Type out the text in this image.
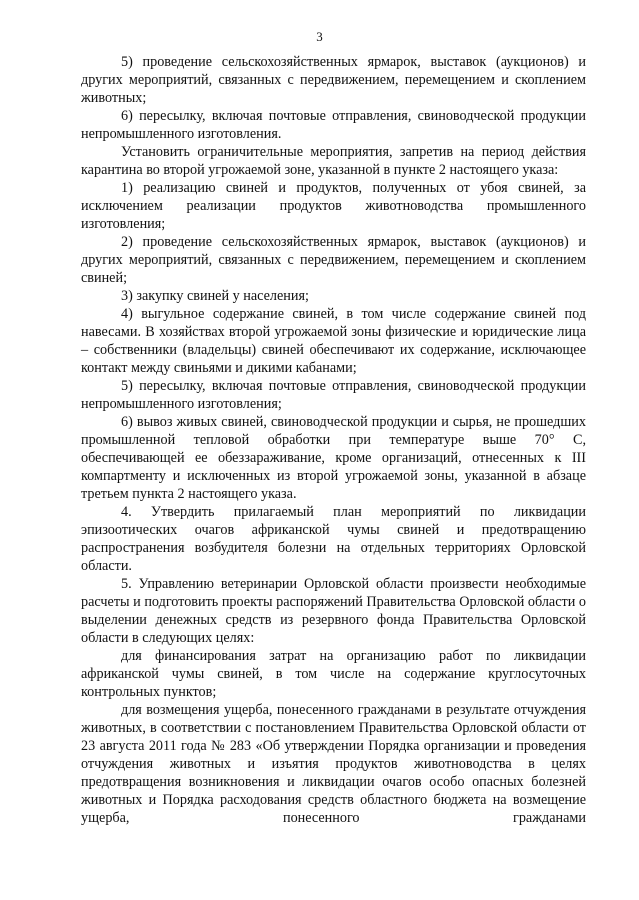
3

5) проведение сельскохозяйственных ярмарок, выставок (аукционов) и других мероприятий, связанных с передвижением, перемещением и скоплением животных;

6) пересылку, включая почтовые отправления, свиноводческой продукции непромышленного изготовления.

Установить ограничительные мероприятия, запретив на период действия карантина во второй угрожаемой зоне, указанной в пункте 2 настоящего указа:

1) реализацию свиней и продуктов, полученных от убоя свиней, за исключением реализации продуктов животноводства промышленного изготовления;

2) проведение сельскохозяйственных ярмарок, выставок (аукционов) и других мероприятий, связанных с передвижением, перемещением и скоплением свиней;

3) закупку свиней у населения;

4) выгульное содержание свиней, в том числе содержание свиней под навесами. В хозяйствах второй угрожаемой зоны физические и юридические лица – собственники (владельцы) свиней обеспечивают их содержание, исключающее контакт между свиньями и дикими кабанами;

5) пересылку, включая почтовые отправления, свиноводческой продукции непромышленного изготовления;

6) вывоз живых свиней, свиноводческой продукции и сырья, не прошедших промышленной тепловой обработки при температуре выше 70° С, обеспечивающей ее обеззараживание, кроме организаций, отнесенных к III компартменту и исключенных из второй угрожаемой зоны, указанной в абзаце третьем пункта 2 настоящего указа.

4. Утвердить прилагаемый план мероприятий по ликвидации эпизоотических очагов африканской чумы свиней и предотвращению распространения возбудителя болезни на отдельных территориях Орловской области.

5. Управлению ветеринарии Орловской области произвести необходимые расчеты и подготовить проекты распоряжений Правительства Орловской области о выделении денежных средств из резервного фонда Правительства Орловской области в следующих целях:

для финансирования затрат на организацию работ по ликвидации африканской чумы свиней, в том числе на содержание круглосуточных контрольных пунктов;

для возмещения ущерба, понесенного гражданами в результате отчуждения животных, в соответствии с постановлением Правительства Орловской области от 23 августа 2011 года № 283 «Об утверждении Порядка организации и проведения отчуждения животных и изъятия продуктов животноводства в целях предотвращения возникновения и ликвидации очагов особо опасных болезней животных и Порядка расходования средств областного бюджета на возмещение ущерба, понесенного гражданами
